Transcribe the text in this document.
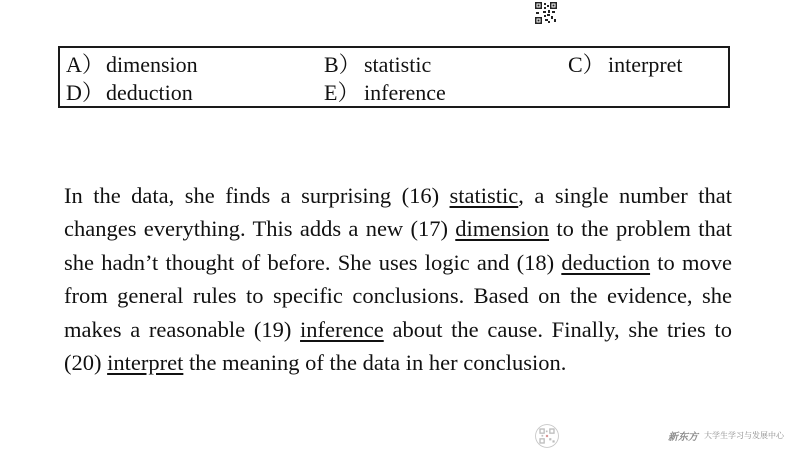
A）dimension	B） statistic	C） interpret
D）deduction	E） inference

In the data, she finds a surprising (16) statistic, a single number that changes everything. This adds a new (17) dimension to the problem that she hadn’t thought of before. She uses logic and (18) deduction to move from general rules to specific conclusions. Based on the evidence, she makes a reasonable (19) inference about the cause. Finally, she tries to (20) interpret the meaning of the data in her conclusion.

新东方 大学生学习与发展中心
